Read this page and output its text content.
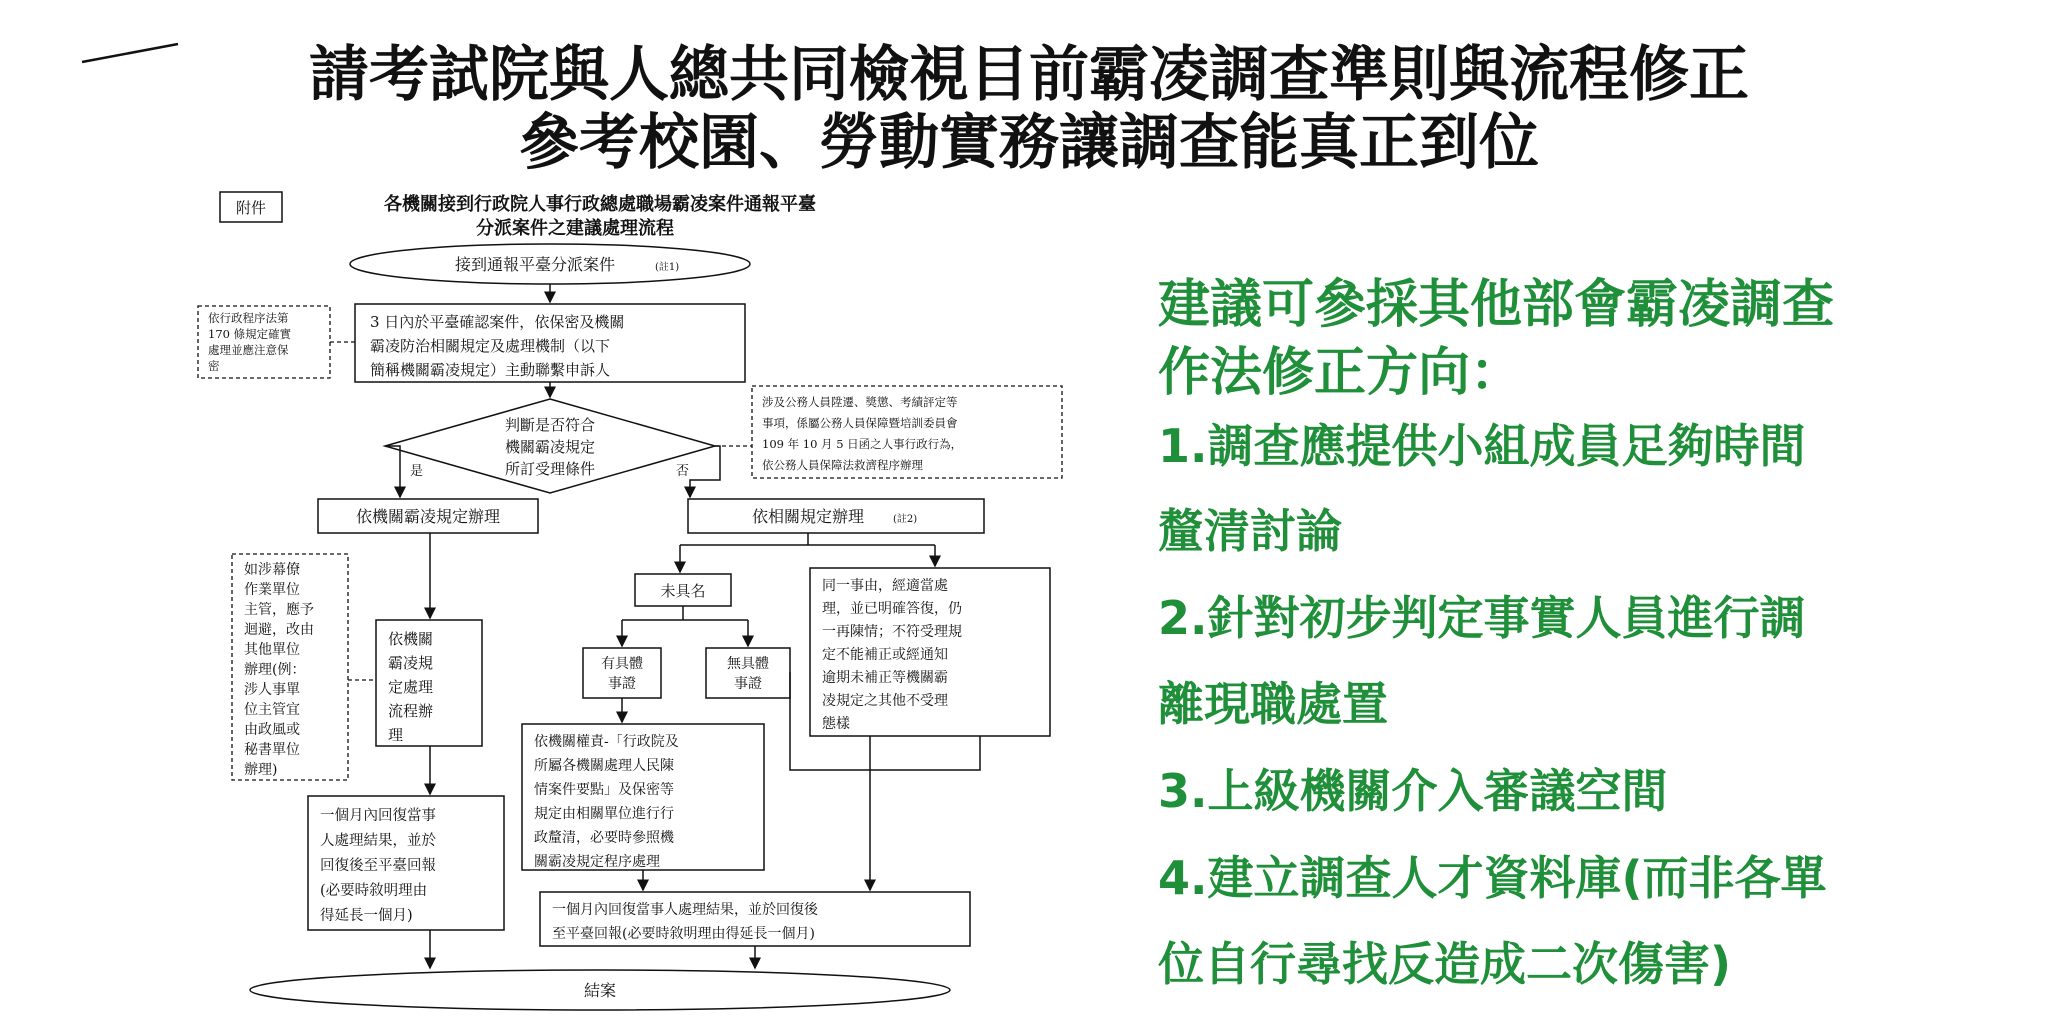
請考試院與人總共同檢視目前霸凌調查準則與流程修正
參考校園、勞動實務讓調查能真正到位
附件	各機關接到行政院人事行政總處職場霸凌案件通報平臺
分派案件之建議處理流程
接到通報平臺分派案件	(註1)
3 日內於平臺確認案件，依保密及機關
霸凌防治相關規定及處理機制（以下
簡稱機關霸凌規定）主動聯繫申訴人
依行政程序法第
170 條規定確實
處理並應注意保
密
判斷是否符合
機關霸凌規定
所訂受理條件
涉及公務人員陞遷、獎懲、考績評定等
事項，係屬公務人員保障暨培訓委員會
109 年 10 月 5 日函之人事行政行為，
依公務人員保障法救濟程序辦理
是	否
依機關霸凌規定辦理	依相關規定辦理	(註2)
依機關
霸凌規
定處理
流程辦
理
如涉幕僚
作業單位
主管，應予
迴避，改由
其他單位
辦理(例：
涉人事單
位主管宜
由政風或
秘書單位
辦理)
一個月內回復當事
人處理結果，並於
回復後至平臺回報
(必要時敘明理由
得延長一個月)
未具名
有具體
事證
無具體
事證
同一事由，經適當處
理，並已明確答復，仍
一再陳情；不符受理規
定不能補正或經通知
逾期未補正等機關霸
凌規定之其他不受理
態樣
依機關權責-「行政院及
所屬各機關處理人民陳
情案件要點」及保密等
規定由相關單位進行行
政釐清，必要時參照機
關霸凌規定程序處理
一個月內回復當事人處理結果，並於回復後
至平臺回報(必要時敘明理由得延長一個月)
結案
建議可參採其他部會霸凌調查
作法修正方向：
1.調查應提供小組成員足夠時間
釐清討論
2.針對初步判定事實人員進行調
離現職處置
3.上級機關介入審議空間
4.建立調查人才資料庫(而非各單
位自行尋找反造成二次傷害)
